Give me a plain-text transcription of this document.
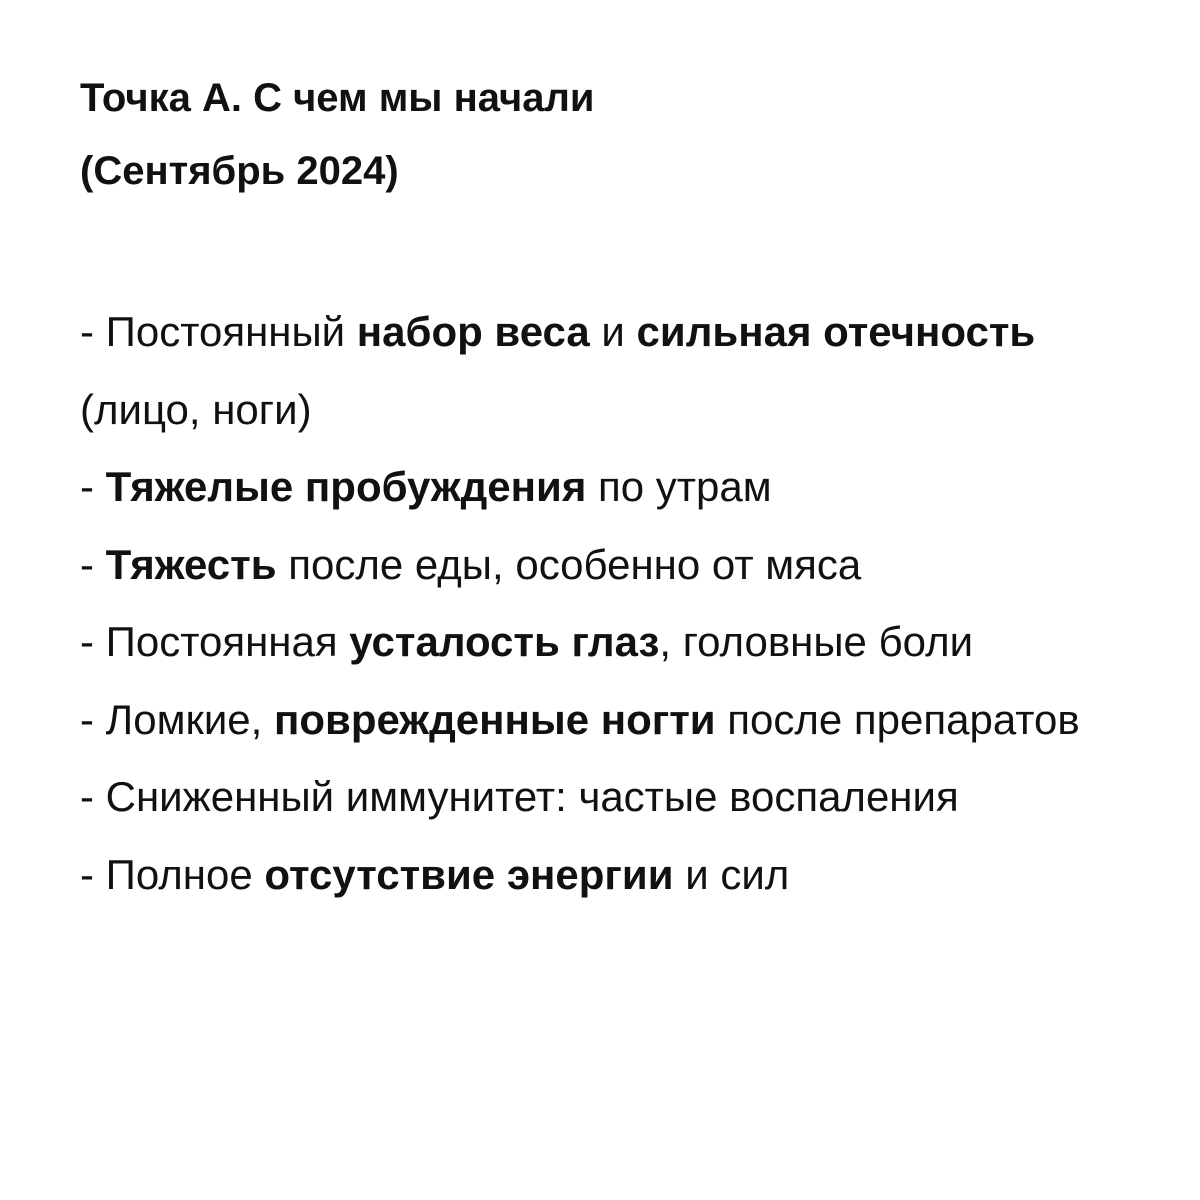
Точка А. С чем мы начали
(Сентябрь 2024)
- Постоянный набор веса и сильная отечность (лицо, ноги)
- Тяжелые пробуждения по утрам
- Тяжесть после еды, особенно от мяса
- Постоянная усталость глаз, головные боли
- Ломкие, поврежденные ногти после препаратов
- Сниженный иммунитет: частые воспаления
- Полное отсутствие энергии и сил
